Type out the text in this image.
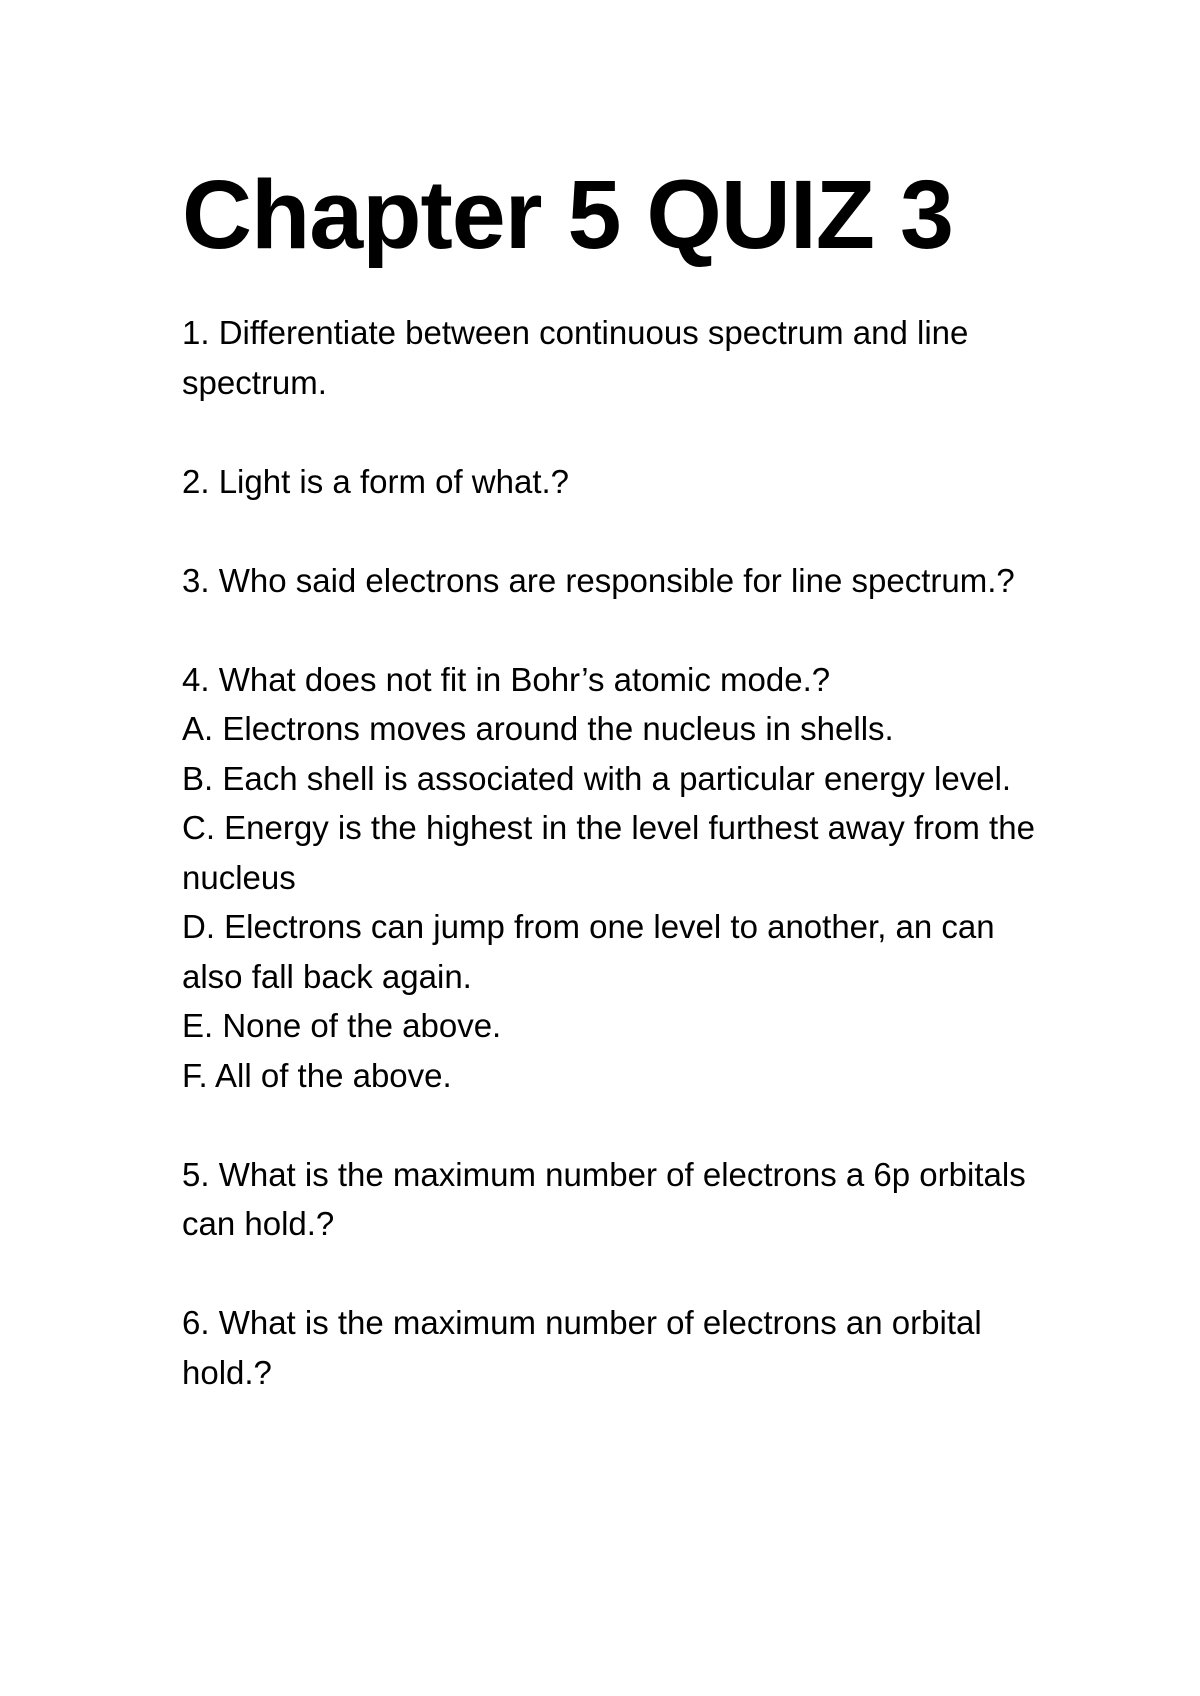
Chapter 5 QUIZ 3

1. Differentiate between continuous spectrum and line spectrum.

2. Light is a form of what.?

3. Who said electrons are responsible for line spectrum.?

4. What does not fit in Bohr’s atomic mode.?

A. Electrons moves around the nucleus in shells.

B. Each shell is associated with a particular energy level.

C. Energy is the highest in the level furthest away from the nucleus

D. Electrons can jump from one level to another, an can also fall back again.

E. None of the above.

F. All of the above.

5. What is the maximum number of electrons a 6p orbitals can hold.?

6. What is the maximum number of electrons an orbital hold.?
